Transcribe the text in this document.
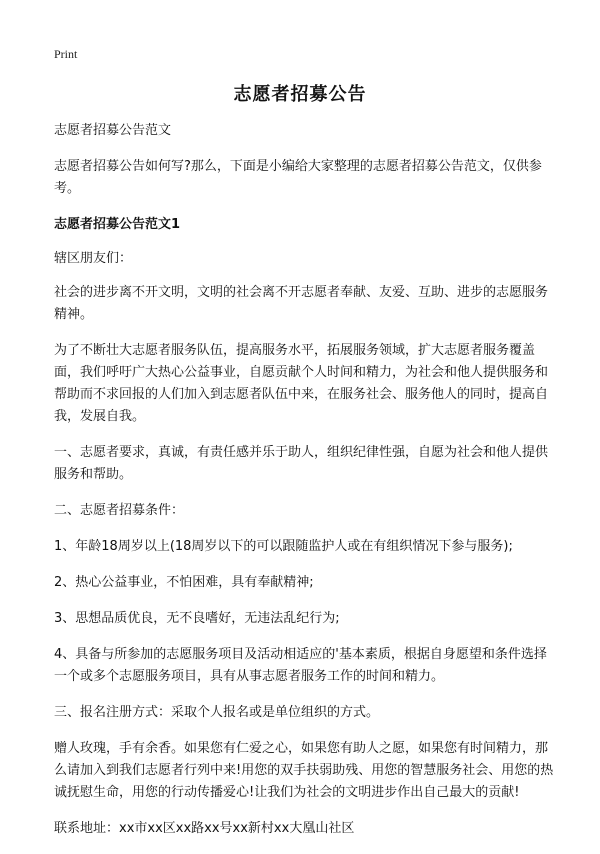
Print
志愿者招募公告

志愿者招募公告范文

志愿者招募公告如何写?那么，下面是小编给大家整理的志愿者招募公告范文，仅供参考。

志愿者招募公告范文1

辖区朋友们：

社会的进步离不开文明，文明的社会离不开志愿者奉献、友爱、互助、进步的志愿服务精神。

为了不断壮大志愿者服务队伍，提高服务水平，拓展服务领域，扩大志愿者服务覆盖面，我们呼吁广大热心公益事业，自愿贡献个人时间和精力，为社会和他人提供服务和帮助而不求回报的人们加入到志愿者队伍中来，在服务社会、服务他人的同时，提高自我，发展自我。

一、志愿者要求，真诚，有责任感并乐于助人，组织纪律性强，自愿为社会和他人提供服务和帮助。

二、志愿者招募条件：

1、年龄18周岁以上(18周岁以下的可以跟随监护人或在有组织情况下参与服务);

2、热心公益事业，不怕困难，具有奉献精神;

3、思想品质优良，无不良嗜好，无违法乱纪行为;

4、具备与所参加的志愿服务项目及活动相适应的'基本素质，根据自身愿望和条件选择一个或多个志愿服务项目，具有从事志愿者服务工作的时间和精力。

三、报名注册方式：采取个人报名或是单位组织的方式。

赠人玫瑰，手有余香。如果您有仁爱之心，如果您有助人之愿，如果您有时间精力，那么请加入到我们志愿者行列中来!用您的双手扶弱助残、用您的智慧服务社会、用您的热诚抚慰生命，用您的行动传播爱心!让我们为社会的文明进步作出自己最大的贡献!

联系地址：xx市xx区xx路xx号xx新村xx大凰山社区
